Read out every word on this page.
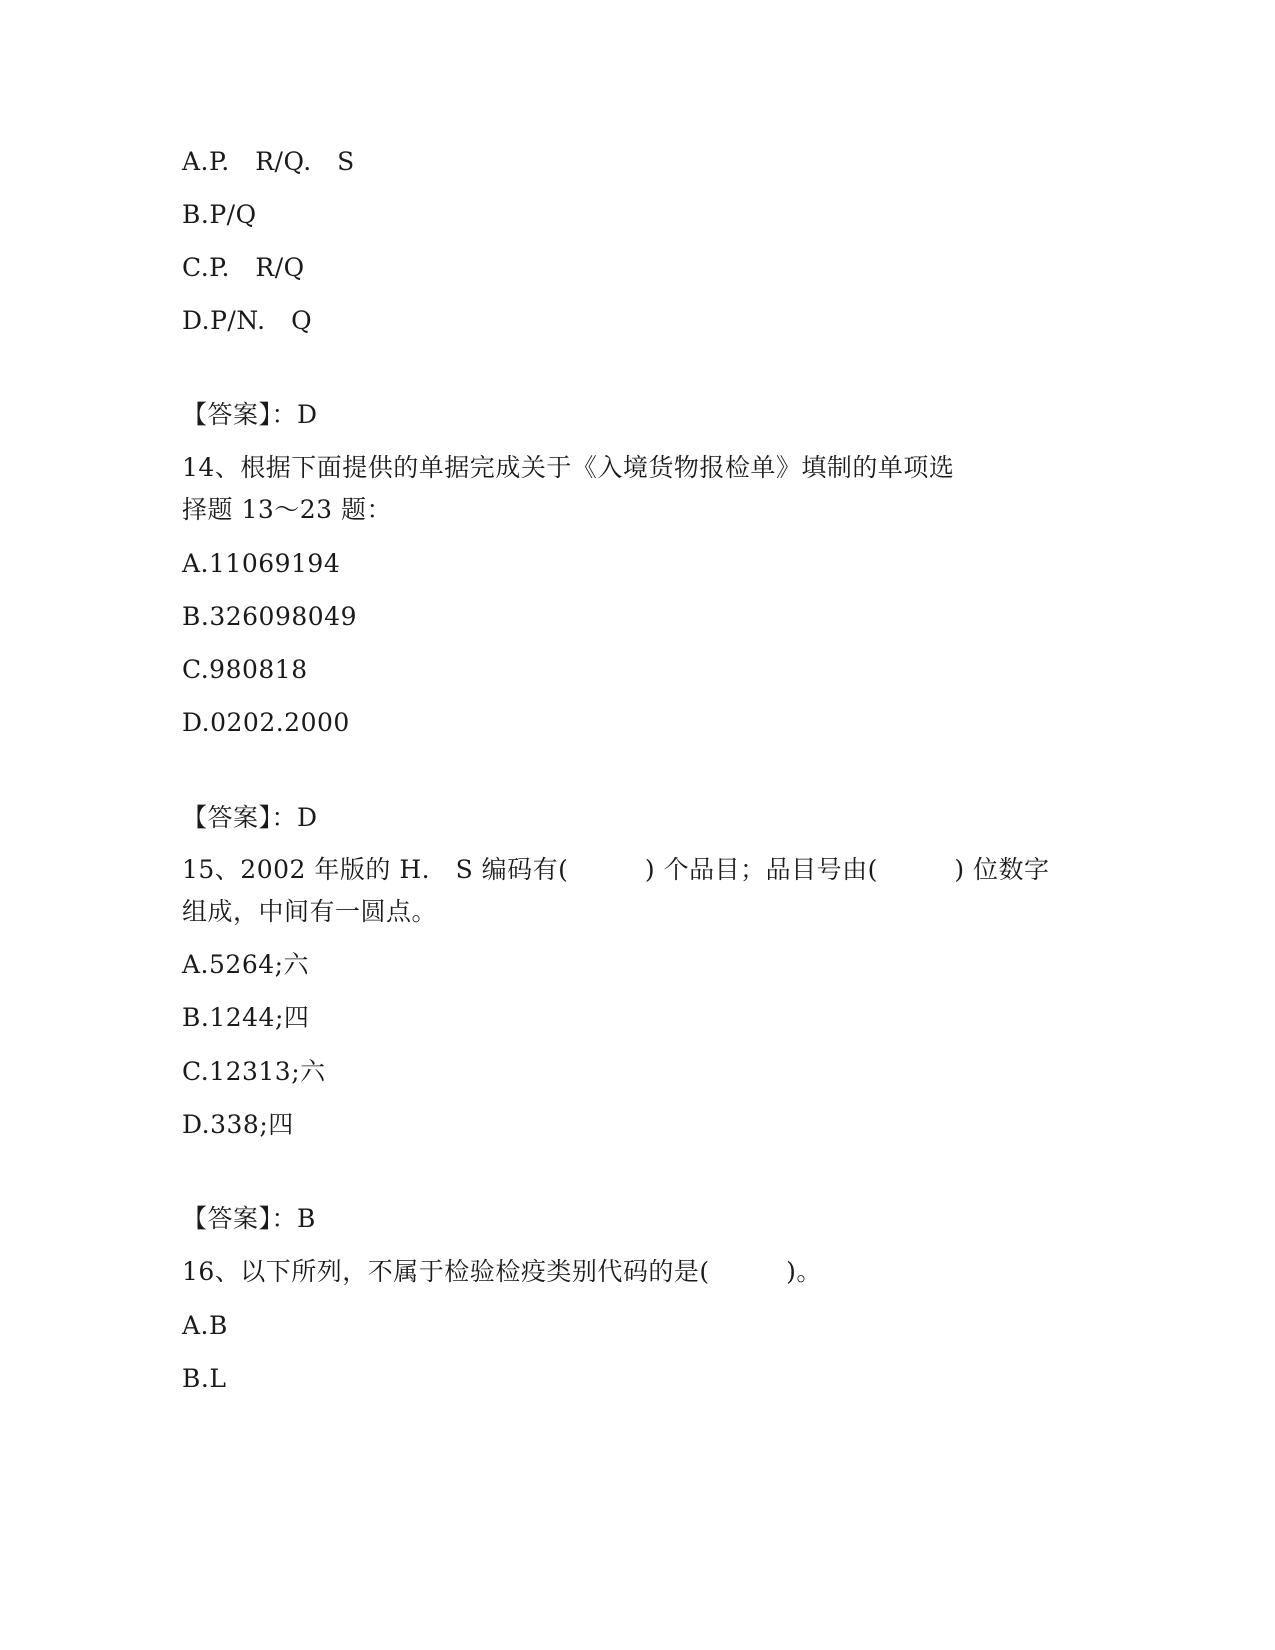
A.P.　R/Q.　S
B.P/Q
C.P.　R/Q
D.P/N.　Q
【答案】：D
14、根据下面提供的单据完成关于《入境货物报检单》填制的单项选
择题 13～23 题：
A.11069194
B.326098049
C.980818
D.0202.2000
【答案】：D
15、2002 年版的 H.　S 编码有(　　　) 个品目；品目号由(　　　) 位数字
组成，中间有一圆点。
A.5264;六
B.1244;四
C.12313;六
D.338;四
【答案】：B
16、以下所列，不属于检验检疫类别代码的是(　　　)。
A.B
B.L
